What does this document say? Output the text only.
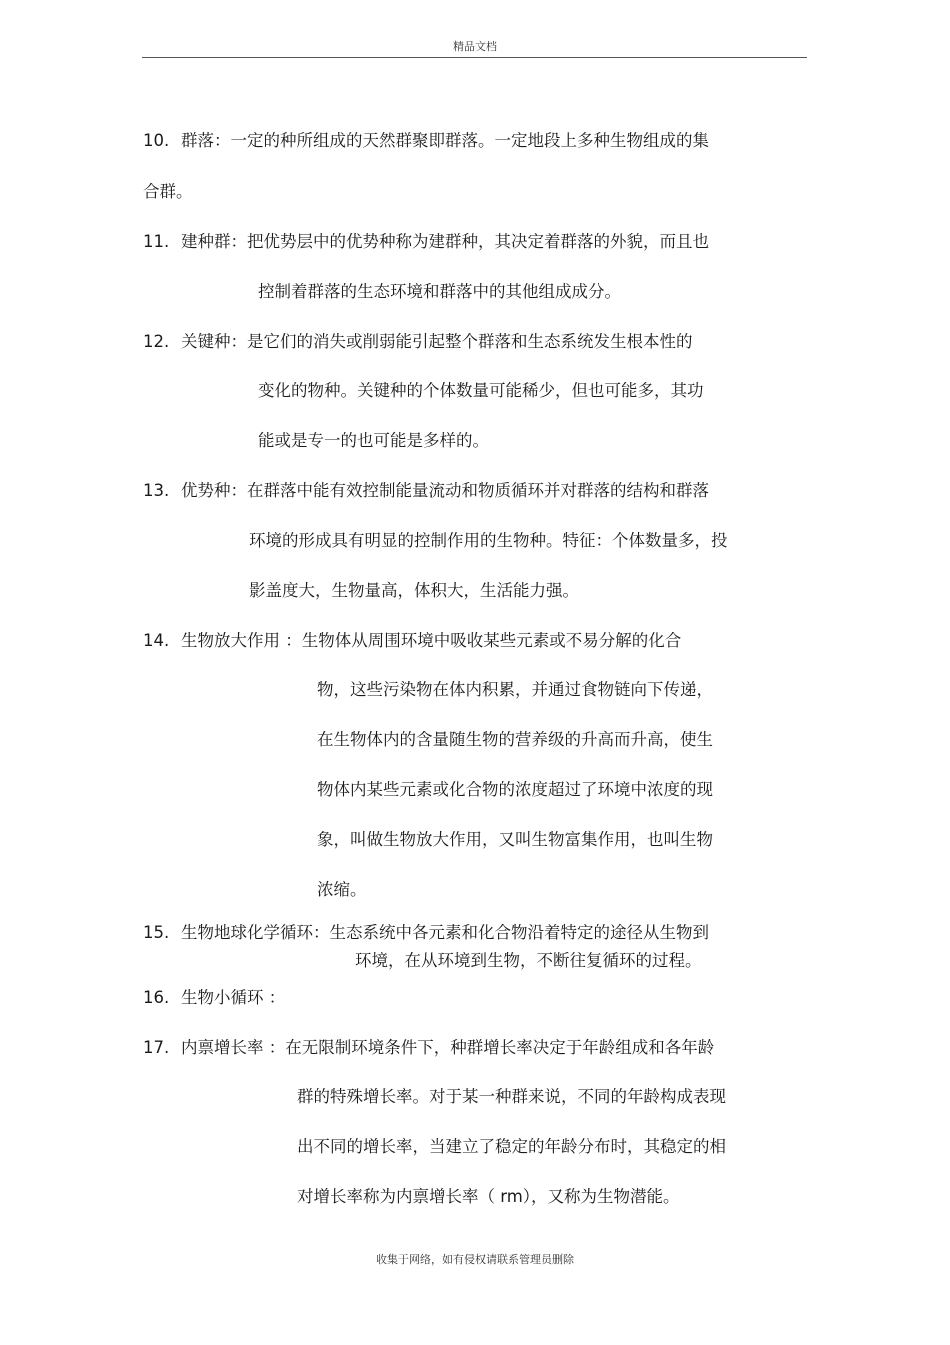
精品文档
10. 群落：一定的种所组成的天然群聚即群落。一定地段上多种生物组成的集
合群。
11. 建种群：把优势层中的优势种称为建群种，其决定着群落的外貌，而且也
控制着群落的生态环境和群落中的其他组成成分。
12. 关键种：是它们的消失或削弱能引起整个群落和生态系统发生根本性的
变化的物种。关键种的个体数量可能稀少，但也可能多，其功
能或是专一的也可能是多样的。
13. 优势种：在群落中能有效控制能量流动和物质循环并对群落的结构和群落
环境的形成具有明显的控制作用的生物种。特征：个体数量多，投
影盖度大，生物量高，体积大，生活能力强。
14. 生物放大作用 ：生物体从周围环境中吸收某些元素或不易分解的化合
物，这些污染物在体内积累，并通过食物链向下传递，
在生物体内的含量随生物的营养级的升高而升高，使生
物体内某些元素或化合物的浓度超过了环境中浓度的现
象，叫做生物放大作用，又叫生物富集作用，也叫生物
浓缩。
15. 生物地球化学循环：生态系统中各元素和化合物沿着特定的途径从生物到
环境，在从环境到生物，不断往复循环的过程。
16. 生物小循环 ：
17. 内禀增长率 ：在无限制环境条件下，种群增长率决定于年龄组成和各年龄
群的特殊增长率。对于某一种群来说，不同的年龄构成表现
出不同的增长率，当建立了稳定的年龄分布时，其稳定的相
对增长率称为内禀增长率（ rm），又称为生物潜能。
收集于网络，如有侵权请联系管理员删除
